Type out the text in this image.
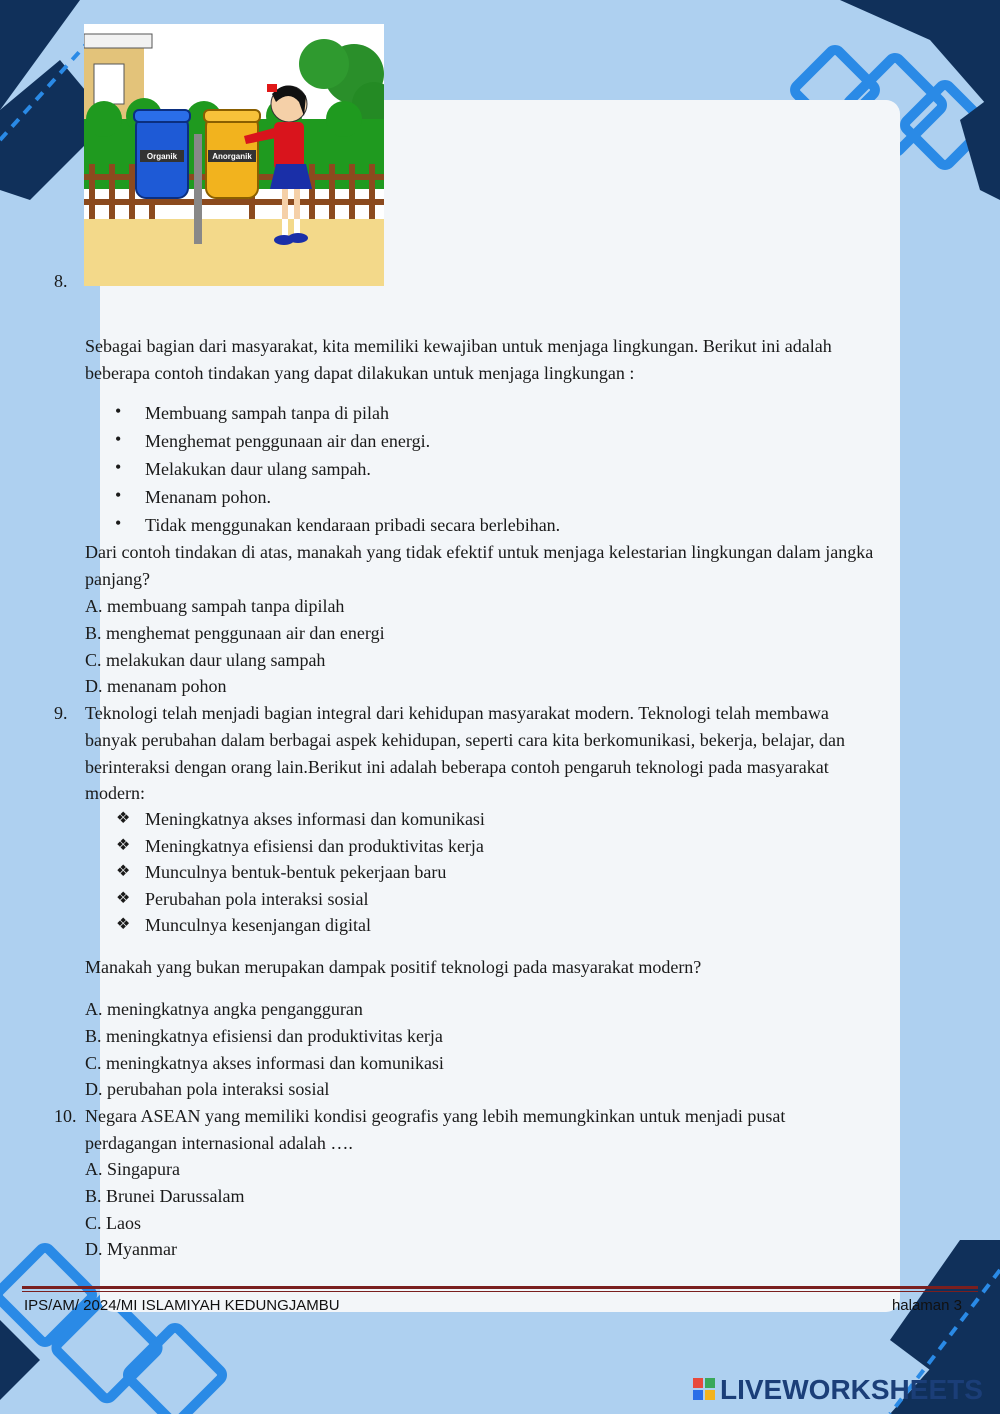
8.
Organik	Anorganik
Sebagai bagian dari masyarakat, kita memiliki kewajiban untuk menjaga lingkungan. Berikut ini adalah
beberapa contoh tindakan yang dapat dilakukan untuk menjaga lingkungan :
• Membuang sampah tanpa di pilah
• Menghemat penggunaan air dan energi.
• Melakukan daur ulang sampah.
• Menanam pohon.
• Tidak menggunakan kendaraan pribadi secara berlebihan.
Dari contoh tindakan di atas, manakah yang tidak efektif untuk menjaga kelestarian lingkungan dalam jangka
panjang?
A. membuang sampah tanpa dipilah
B. menghemat penggunaan air dan energi
C. melakukan daur ulang sampah
D. menanam pohon
9. Teknologi telah menjadi bagian integral dari kehidupan masyarakat modern. Teknologi telah membawa
banyak perubahan dalam berbagai aspek kehidupan, seperti cara kita berkomunikasi, bekerja, belajar, dan
berinteraksi dengan orang lain.Berikut ini adalah beberapa contoh pengaruh teknologi pada masyarakat
modern:
❖ Meningkatnya akses informasi dan komunikasi
❖ Meningkatnya efisiensi dan produktivitas kerja
❖ Munculnya bentuk-bentuk pekerjaan baru
❖ Perubahan pola interaksi sosial
❖ Munculnya kesenjangan digital
Manakah yang bukan merupakan dampak positif teknologi pada masyarakat modern?
A. meningkatnya angka pengangguran
B. meningkatnya efisiensi dan produktivitas kerja
C. meningkatnya akses informasi dan komunikasi
D. perubahan pola interaksi sosial
10. Negara ASEAN yang memiliki kondisi geografis yang lebih memungkinkan untuk menjadi pusat
perdagangan internasional adalah ….
A. Singapura
B. Brunei Darussalam
C. Laos
D. Myanmar
IPS/AM/ 2024/MI ISLAMIYAH KEDUNGJAMBU	halaman 3
LIVEWORKSHEETS
